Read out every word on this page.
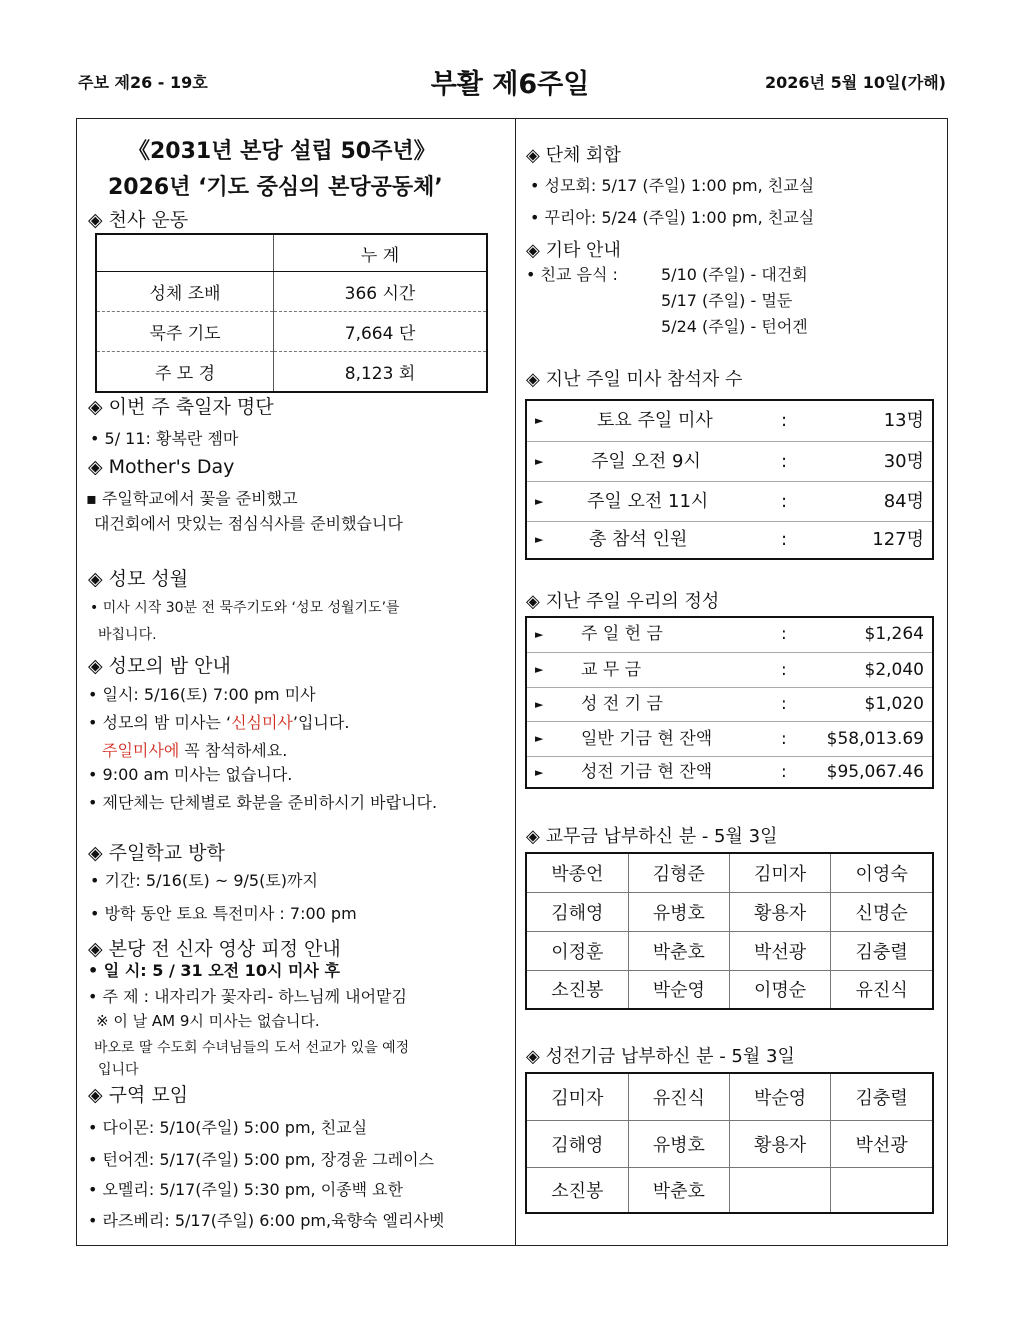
주보 제26 - 19호	부활 제6주일	2026년 5월 10일(가해)
《2031년 본당 설립 50주년》
2026년 ‘기도 중심의 본당공동체’
◈ 천사 운동
	누 계
성체 조배	366 시간
묵주 기도	7,664 단
주 모 경	8,123 회
◈ 이번 주 축일자 명단
• 5/ 11: 황복란 젬마
◈ Mother's Day
▪ 주일학교에서 꽃을 준비했고
대건회에서 맛있는 점심식사를 준비했습니다
◈ 성모 성월
• 미사 시작 30분 전 묵주기도와 ‘성모 성월기도’를
바칩니다.
◈ 성모의 밤 안내
• 일시: 5/16(토) 7:00 pm 미사
• 성모의 밤 미사는 ‘신심미사’입니다.
주일미사에 꼭 참석하세요.
• 9:00 am 미사는 없습니다.
• 제단체는 단체별로 화분을 준비하시기 바랍니다.
◈ 주일학교 방학
• 기간: 5/16(토) ~ 9/5(토)까지
• 방학 동안 토요 특전미사 : 7:00 pm
◈ 본당 전 신자 영상 피정 안내
• 일 시: 5 / 31 오전 10시 미사 후
• 주 제 : 내자리가 꽃자리- 하느님께 내어맡김
※ 이 날 AM 9시 미사는 없습니다.
바오로 딸 수도회 수녀님들의 도서 선교가 있을 예정
입니다
◈ 구역 모임
• 다이몬: 5/10(주일) 5:00 pm, 친교실
• 턴어겐: 5/17(주일) 5:00 pm, 장경윤 그레이스
• 오멜리: 5/17(주일) 5:30 pm, 이종백 요한
• 라즈베리: 5/17(주일) 6:00 pm,육향숙 엘리사벳
◈ 단체 회합
• 성모회: 5/17 (주일) 1:00 pm, 친교실
• 꾸리아: 5/24 (주일) 1:00 pm, 친교실
◈ 기타 안내
• 친교 음식 :	5/10 (주일) - 대건회
5/17 (주일) - 멀둔
5/24 (주일) - 턴어겐
◈ 지난 주일 미사 참석자 수
►	토요 주일 미사	:	13명
►	주일 오전 9시	:	30명
► 주일 오전 11시	:	84명
►	총 참석 인원	:	127명
◈ 지난 주일 우리의 정성
► 주 일 헌 금	:	$1,264
► 교 무 금	:	$2,040
► 성 전 기 금	:	$1,020
► 일반 기금 현 잔액	: $58,013.69
► 성전 기금 현 잔액	: $95,067.46
◈ 교무금 납부하신 분 - 5월 3일
박종언	김형준	김미자	이영숙
김해영	유병호	황용자	신명순
이정훈	박춘호	박선광	김충렬
소진봉	박순영	이명순	유진식
◈ 성전기금 납부하신 분 - 5월 3일
김미자	유진식	박순영	김충렬
김해영	유병호	황용자	박선광
소진봉	박춘호		
